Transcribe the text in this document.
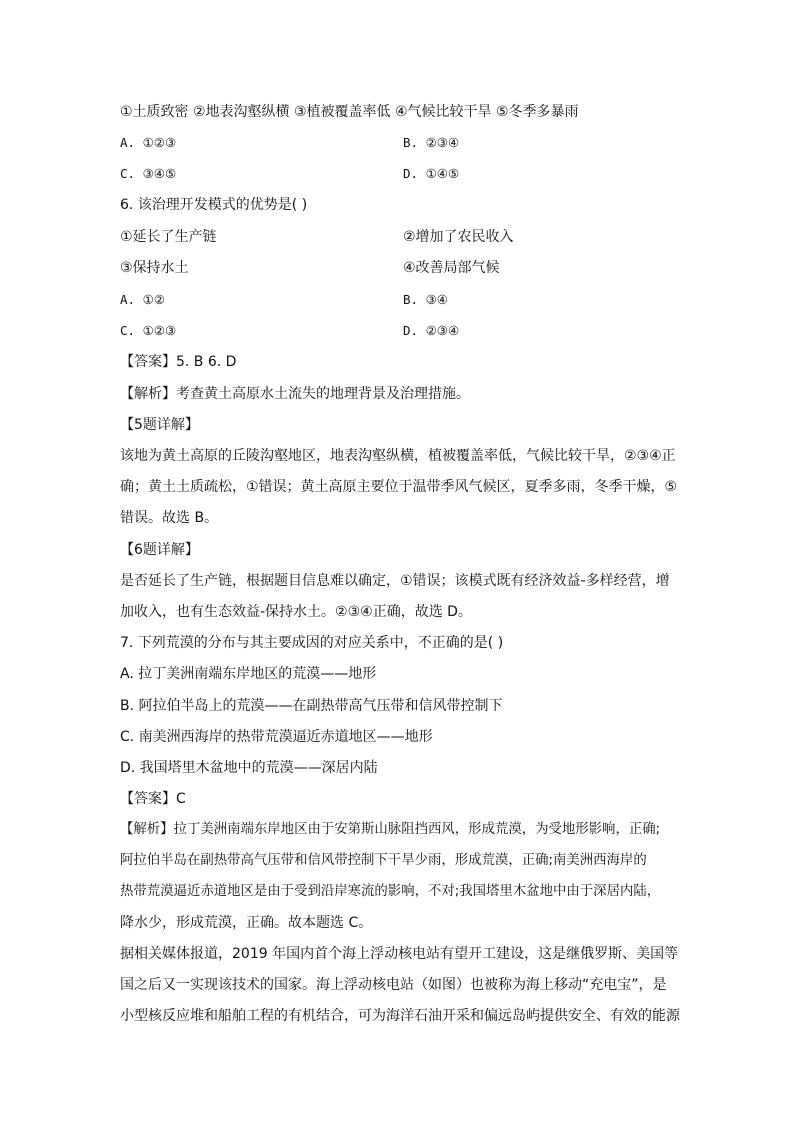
①土质致密 ②地表沟壑纵横 ③植被覆盖率低 ④气候比较干旱 ⑤冬季多暴雨
A. ①②③	B. ②③④
C. ③④⑤	D. ①④⑤
6. 该治理开发模式的优势是( )
①延长了生产链	②增加了农民收入
③保持水土	④改善局部气候
A. ①②	B. ③④
C. ①②③	D. ②③④
【答案】5. B 6. D
【解析】考查黄土高原水土流失的地理背景及治理措施。
【5题详解】
该地为黄土高原的丘陵沟壑地区，地表沟壑纵横，植被覆盖率低，气候比较干旱，②③④正
确；黄土土质疏松，①错误；黄土高原主要位于温带季风气候区，夏季多雨，冬季干燥，⑤
错误。故选 B。
【6题详解】
是否延长了生产链，根据题目信息难以确定，①错误；该模式既有经济效益-多样经营，增
加收入，也有生态效益-保持水土。②③④正确，故选 D。
7. 下列荒漠的分布与其主要成因的对应关系中，不正确的是( )
A. 拉丁美洲南端东岸地区的荒漠——地形
B. 阿拉伯半岛上的荒漠——在副热带高气压带和信风带控制下
C. 南美洲西海岸的热带荒漠逼近赤道地区——地形
D. 我国塔里木盆地中的荒漠——深居内陆
【答案】C
【解析】拉丁美洲南端东岸地区由于安第斯山脉阻挡西风，形成荒漠，为受地形影响，正确;
阿拉伯半岛在副热带高气压带和信风带控制下干旱少雨，形成荒漠，正确;南美洲西海岸的
热带荒漠逼近赤道地区是由于受到沿岸寒流的影响，不对;我国塔里木盆地中由于深居内陆，
降水少，形成荒漠，正确。故本题选 C。
据相关媒体报道，2019 年国内首个海上浮动核电站有望开工建设，这是继俄罗斯、美国等
国之后又一实现该技术的国家。海上浮动核电站（如图）也被称为海上移动“充电宝”，是
小型核反应堆和船舶工程的有机结合，可为海洋石油开采和偏远岛屿提供安全、有效的能源
